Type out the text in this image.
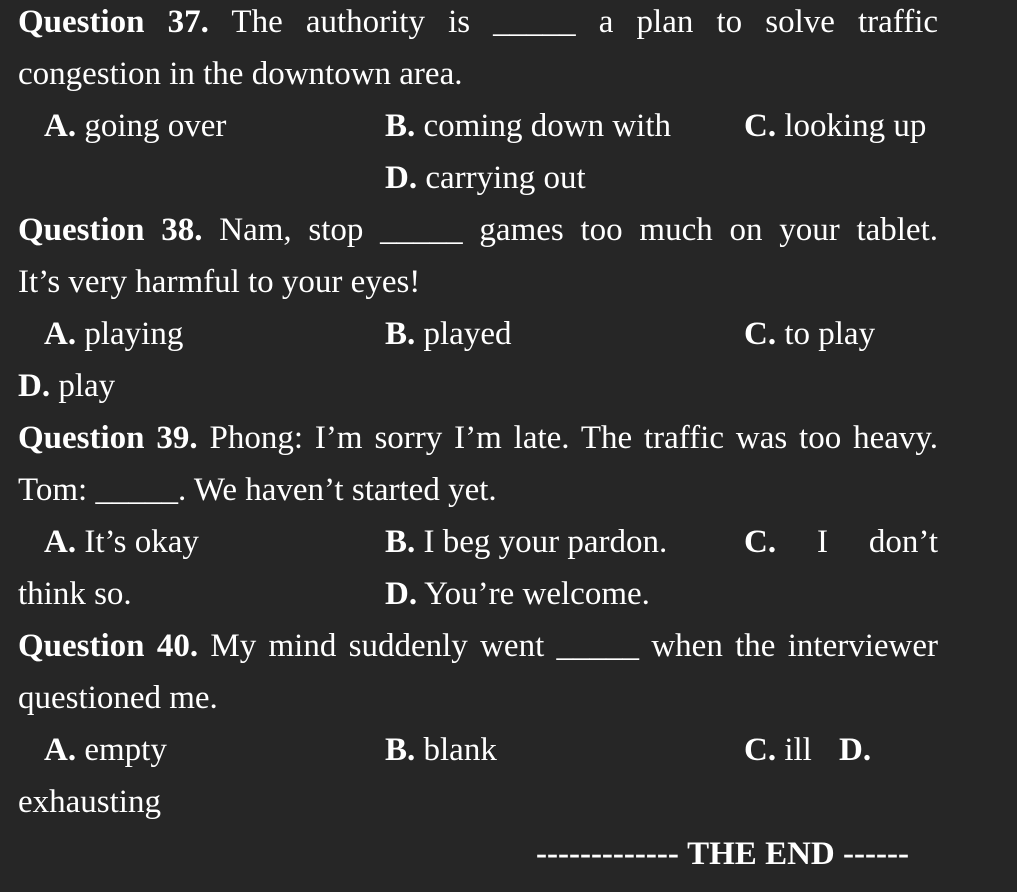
Question 37. The authority is _____ a plan to solve traffic
congestion in the downtown area.
A. going over	B. coming down with C. looking up
D. carrying out
Question 38. Nam, stop _____ games too much on your tablet.
It’s very harmful to your eyes!
A. playing	B. played	C. to play
D. play
Question 39. Phong: I’m sorry I’m late. The traffic was too heavy.
Tom: _____. We haven’t started yet.
A. It’s okay	B. I beg your pardon. C. I don’t
think so.	D. You’re welcome.
Question 40. My mind suddenly went _____ when the interviewer
questioned me.
A. empty	B. blank	C. ill D.
exhausting
------------- THE END ------
